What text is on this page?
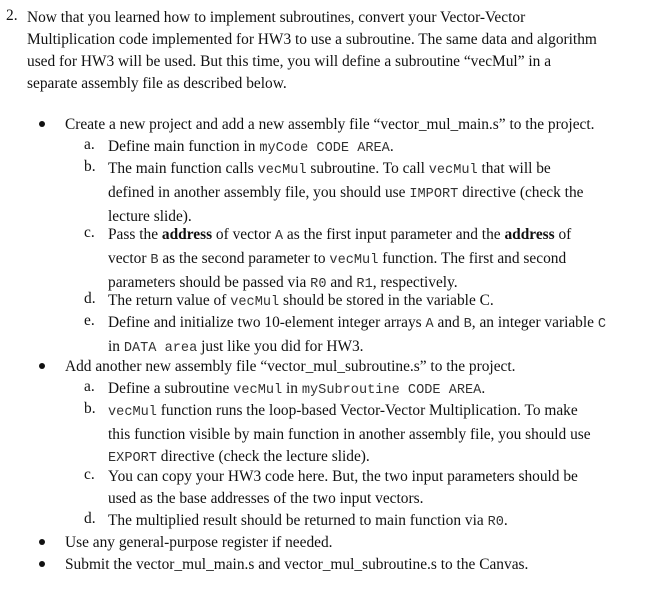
2. Now that you learned how to implement subroutines, convert your Vector-Vector
Multiplication code implemented for HW3 to use a subroutine. The same data and algorithm
used for HW3 will be used. But this time, you will define a subroutine “vecMul” in a
separate assembly file as described below.
Create a new project and add a new assembly file “vector_mul_main.s” to the project.
a. Define main function in myCode CODE AREA.
b. The main function calls vecMul subroutine. To call vecMul that will be
defined in another assembly file, you should use IMPORT directive (check the
lecture slide).
c. Pass the address of vector A as the first input parameter and the address of
vector B as the second parameter to vecMul function. The first and second
parameters should be passed via R0 and R1, respectively.
d. The return value of vecMul should be stored in the variable C.
e. Define and initialize two 10-element integer arrays A and B, an integer variable C
in DATA area just like you did for HW3.
Add another new assembly file “vector_mul_subroutine.s” to the project.
a. Define a subroutine vecMul in mySubroutine CODE AREA.
b. vecMul function runs the loop-based Vector-Vector Multiplication. To make
this function visible by main function in another assembly file, you should use
EXPORT directive (check the lecture slide).
c. You can copy your HW3 code here. But, the two input parameters should be
used as the base addresses of the two input vectors.
d. The multiplied result should be returned to main function via R0.
Use any general-purpose register if needed.
Submit the vector_mul_main.s and vector_mul_subroutine.s to the Canvas.
